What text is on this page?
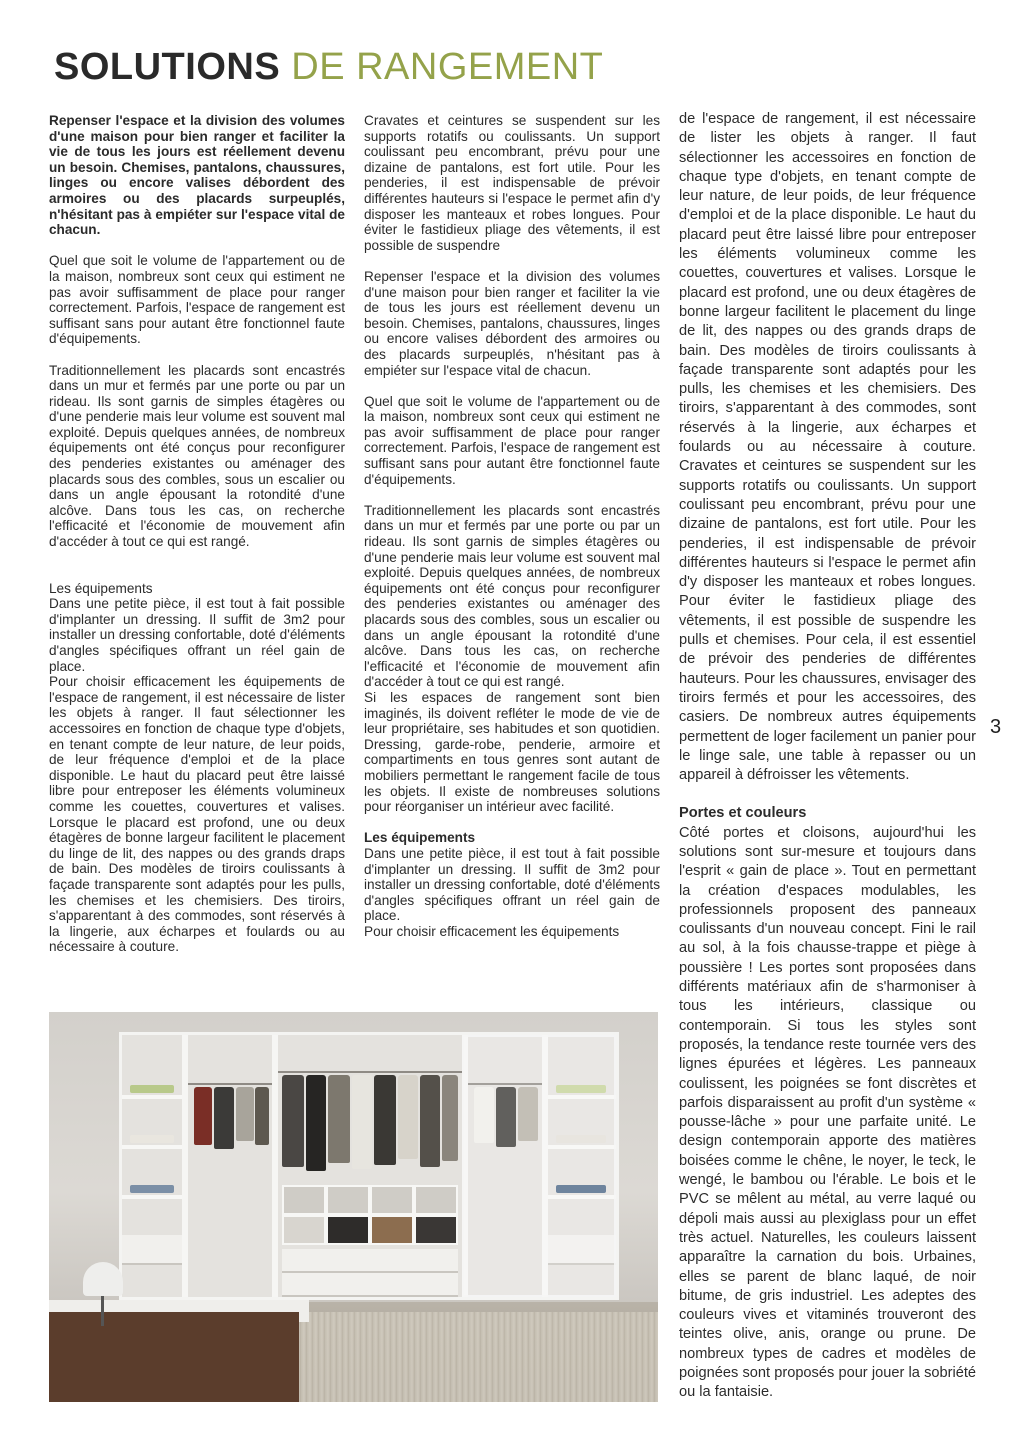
SOLUTIONS DE RANGEMENT

Repenser l'espace et la division des volumes d'une maison pour bien ranger et faciliter la vie de tous les jours est réellement devenu un besoin. Chemises, pantalons, chaussures, linges ou encore valises débordent des armoires ou des placards surpeuplés, n'hésitant pas à empiéter sur l'espace vital de chacun.

Quel que soit le volume de l'appartement ou de la maison, nombreux sont ceux qui estiment ne pas avoir suffisamment de place pour ranger correctement. Parfois, l'espace de rangement est suffisant sans pour autant être fonctionnel faute d'équipements.

Traditionnellement les placards sont encastrés dans un mur et fermés par une porte ou par un rideau. Ils sont garnis de simples étagères ou d'une penderie mais leur volume est souvent mal exploité. Depuis quelques années, de nombreux équipements ont été conçus pour reconfigurer des penderies existantes ou aménager des placards sous des combles, sous un escalier ou dans un angle épousant la rotondité d'une alcôve. Dans tous les cas, on recherche l'efficacité et l'économie de mouvement afin d'accéder à tout ce qui est rangé.

Les équipements

Dans une petite pièce, il est tout à fait possible d'implanter un dressing. Il suffit de 3m2 pour installer un dressing confortable, doté d'éléments d'angles spécifiques offrant un réel gain de place.

Pour choisir efficacement les équipements de l'espace de rangement, il est nécessaire de lister les objets à ranger. Il faut sélectionner les accessoires en fonction de chaque type d'objets, en tenant compte de leur nature, de leur poids, de leur fréquence d'emploi et de la place disponible. Le haut du placard peut être laissé libre pour entreposer les éléments volumineux comme les couettes, couvertures et valises. Lorsque le placard est profond, une ou deux étagères de bonne largeur facilitent le placement du linge de lit, des nappes ou des grands draps de bain. Des modèles de tiroirs coulissants à façade transparente sont adaptés pour les pulls, les chemises et les chemisiers. Des tiroirs, s'apparentant à des commodes, sont réservés à la lingerie, aux écharpes et foulards ou au nécessaire à couture.

Cravates et ceintures se suspendent sur les supports rotatifs ou coulissants. Un support coulissant peu encombrant, prévu pour une dizaine de pantalons, est fort utile. Pour les penderies, il est indispensable de prévoir différentes hauteurs si l'espace le permet afin d'y disposer les manteaux et robes longues. Pour éviter le fastidieux pliage des vêtements, il est possible de suspendre

Repenser l'espace et la division des volumes d'une maison pour bien ranger et faciliter la vie de tous les jours est réellement devenu un besoin. Chemises, pantalons, chaussures, linges ou encore valises débordent des armoires ou des placards surpeuplés, n'hésitant pas à empiéter sur l'espace vital de chacun.

Quel que soit le volume de l'appartement ou de la maison, nombreux sont ceux qui estiment ne pas avoir suffisamment de place pour ranger correctement. Parfois, l'espace de rangement est suffisant sans pour autant être fonctionnel faute d'équipements.

Traditionnellement les placards sont encastrés dans un mur et fermés par une porte ou par un rideau. Ils sont garnis de simples étagères ou d'une penderie mais leur volume est souvent mal exploité. Depuis quelques années, de nombreux équipements ont été conçus pour reconfigurer des penderies existantes ou aménager des placards sous des combles, sous un escalier ou dans un angle épousant la rotondité d'une alcôve. Dans tous les cas, on recherche l'efficacité et l'économie de mouvement afin d'accéder à tout ce qui est rangé.

Si les espaces de rangement sont bien imaginés, ils doivent refléter le mode de vie de leur propriétaire, ses habitudes et son quotidien. Dressing, garde-robe, penderie, armoire et compartiments en tous genres sont autant de mobiliers permettant le rangement facile de tous les objets. Il existe de nombreuses solutions pour réorganiser un intérieur avec facilité.

Les équipements

Dans une petite pièce, il est tout à fait possible d'implanter un dressing. Il suffit de 3m2 pour installer un dressing confortable, doté d'éléments d'angles spécifiques offrant un réel gain de place.

Pour choisir efficacement les équipements

de l'espace de rangement, il est nécessaire de lister les objets à ranger. Il faut sélectionner les accessoires en fonction de chaque type d'objets, en tenant compte de leur nature, de leur poids, de leur fréquence d'emploi et de la place disponible. Le haut du placard peut être laissé libre pour entreposer les éléments volumineux comme les couettes, couvertures et valises. Lorsque le placard est profond, une ou deux étagères de bonne largeur facilitent le placement du linge de lit, des nappes ou des grands draps de bain. Des modèles de tiroirs coulissants à façade transparente sont adaptés pour les pulls, les chemises et les chemisiers. Des tiroirs, s'apparentant à des commodes, sont réservés à la lingerie, aux écharpes et foulards ou au nécessaire à couture. Cravates et ceintures se suspendent sur les supports rotatifs ou coulissants. Un support coulissant peu encombrant, prévu pour une dizaine de pantalons, est fort utile. Pour les penderies, il est indispensable de prévoir différentes hauteurs si l'espace le permet afin d'y disposer les manteaux et robes longues. Pour éviter le fastidieux pliage des vêtements, il est possible de suspendre les pulls et chemises. Pour cela, il est essentiel de prévoir des penderies de différentes hauteurs. Pour les chaussures, envisager des tiroirs fermés et pour les accessoires, des casiers. De nombreux autres équipements permettent de loger facilement un panier pour le linge sale, une table à repasser ou un appareil à défroisser les vêtements.

Portes et couleurs

Côté portes et cloisons, aujourd'hui les solutions sont sur-mesure et toujours dans l'esprit « gain de place ». Tout en permettant la création d'espaces modulables, les professionnels proposent des panneaux coulissants d'un nouveau concept. Fini le rail au sol, à la fois chausse-trappe et piège à poussière ! Les portes sont proposées dans différents matériaux afin de s'harmoniser à tous les intérieurs, classique ou contemporain. Si tous les styles sont proposés, la tendance reste tournée vers des lignes épurées et légères. Les panneaux coulissent, les poignées se font discrètes et parfois disparaissent au profit d'un système « pousse-lâche » pour une parfaite unité. Le design contemporain apporte des matières boisées comme le chêne, le noyer, le teck, le wengé, le bambou ou l'érable. Le bois et le PVC se mêlent au métal, au verre laqué ou dépoli mais aussi au plexiglass pour un effet très actuel. Naturelles, les couleurs laissent apparaître la carnation du bois. Urbaines, elles se parent de blanc laqué, de noir bitume, de gris industriel. Les adeptes des couleurs vives et vitaminés trouveront des teintes olive, anis, orange ou prune. De nombreux types de cadres et modèles de poignées sont proposés pour jouer la sobriété ou la fantaisie.

3
